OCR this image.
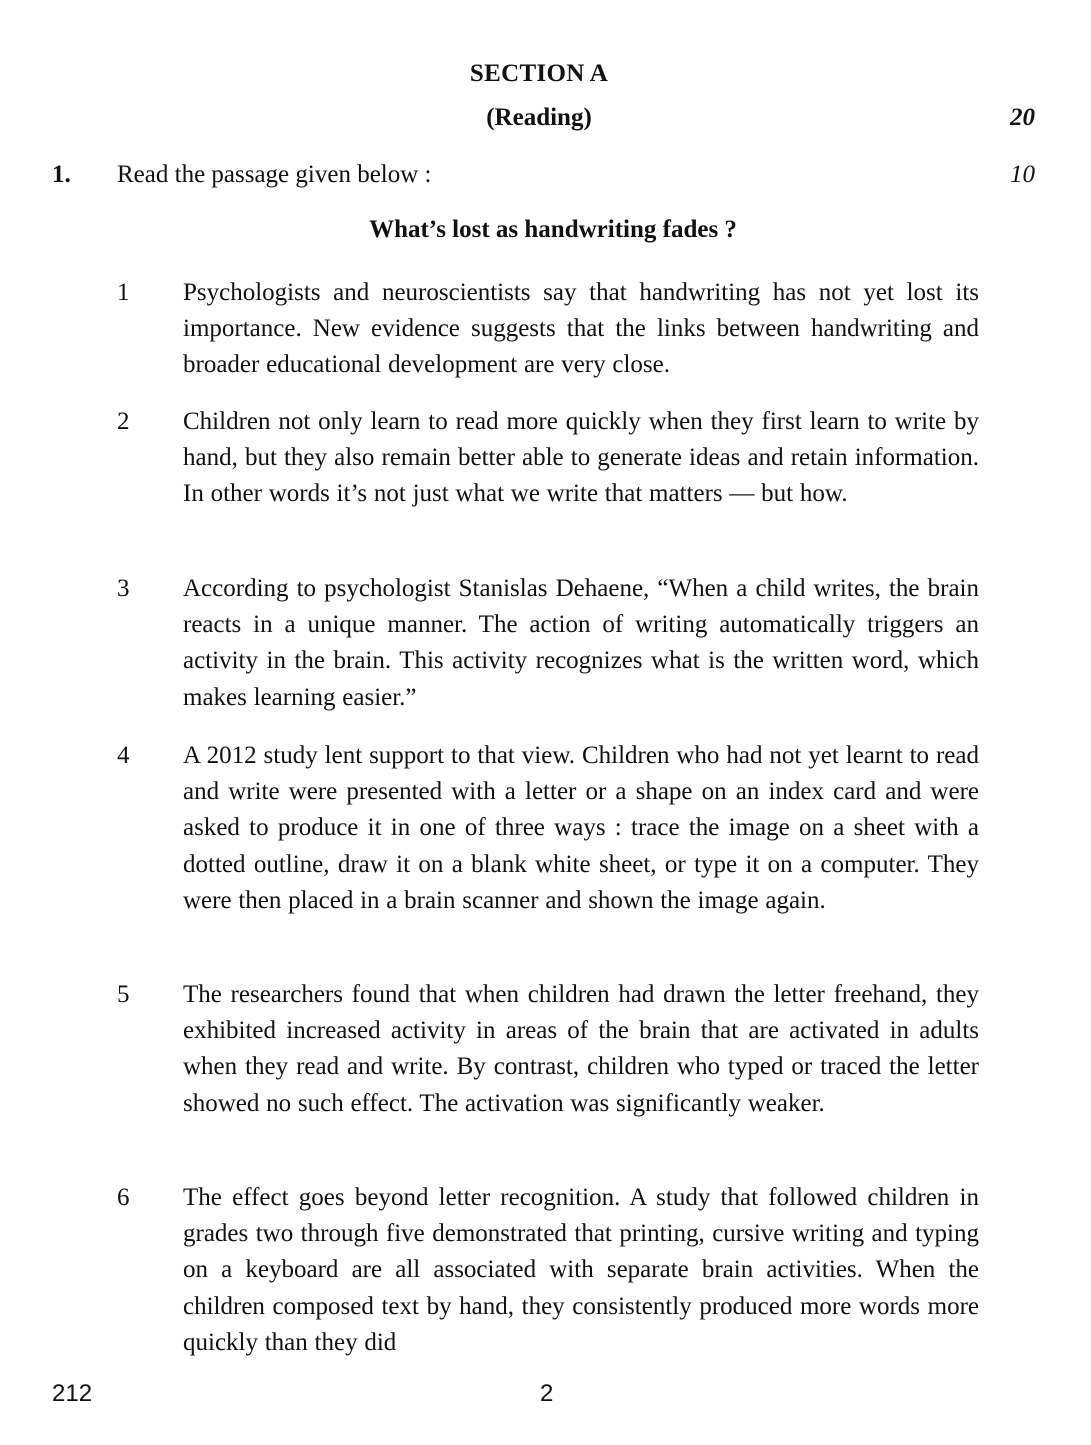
SECTION A
(Reading)	20
1. Read the passage given below :	10
What’s lost as handwriting fades ?
1 Psychologists and neuroscientists say that handwriting has not yet lost its importance. New evidence suggests that the links between handwriting and broader educational development are very close.
2 Children not only learn to read more quickly when they first learn to write by hand, but they also remain better able to generate ideas and retain information. In other words it’s not just what we write that matters — but how.
3 According to psychologist Stanislas Dehaene, “When a child writes, the brain reacts in a unique manner. The action of writing automatically triggers an activity in the brain. This activity recognizes what is the written word, which makes learning easier.”
4 A 2012 study lent support to that view. Children who had not yet learnt to read and write were presented with a letter or a shape on an index card and were asked to produce it in one of three ways : trace the image on a sheet with a dotted outline, draw it on a blank white sheet, or type it on a computer. They were then placed in a brain scanner and shown the image again.
5 The researchers found that when children had drawn the letter freehand, they exhibited increased activity in areas of the brain that are activated in adults when they read and write. By contrast, children who typed or traced the letter showed no such effect. The activation was significantly weaker.
6 The effect goes beyond letter recognition. A study that followed children in grades two through five demonstrated that printing, cursive writing and typing on a keyboard are all associated with separate brain activities. When the children composed text by hand, they consistently produced more words more quickly than they did
212	2
